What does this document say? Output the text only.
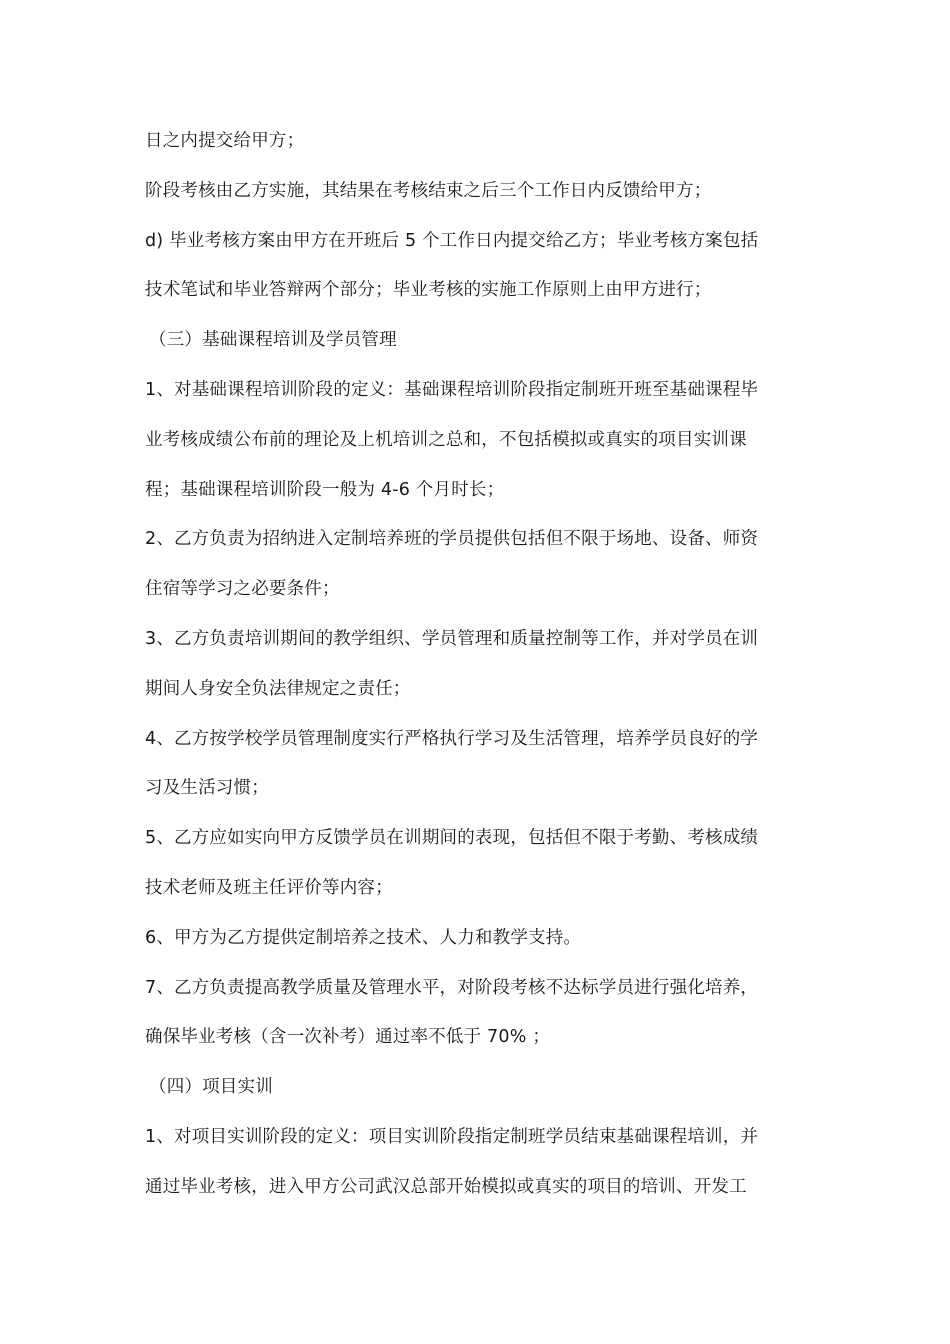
日之内提交给甲方；
阶段考核由乙方实施，其结果在考核结束之后三个工作日内反馈给甲方；
d) 毕业考核方案由甲方在开班后 5 个工作日内提交给乙方；毕业考核方案包括
技术笔试和毕业答辩两个部分；毕业考核的实施工作原则上由甲方进行；
（三）基础课程培训及学员管理
1、对基础课程培训阶段的定义：基础课程培训阶段指定制班开班至基础课程毕
业考核成绩公布前的理论及上机培训之总和，不包括模拟或真实的项目实训课
程；基础课程培训阶段一般为 4-6 个月时长；
2、乙方负责为招纳进入定制培养班的学员提供包括但不限于场地、设备、师资
住宿等学习之必要条件；
3、乙方负责培训期间的教学组织、学员管理和质量控制等工作，并对学员在训
期间人身安全负法律规定之责任；
4、乙方按学校学员管理制度实行严格执行学习及生活管理，培养学员良好的学
习及生活习惯；
5、乙方应如实向甲方反馈学员在训期间的表现，包括但不限于考勤、考核成绩
技术老师及班主任评价等内容；
6、甲方为乙方提供定制培养之技术、人力和教学支持。
7、乙方负责提高教学质量及管理水平，对阶段考核不达标学员进行强化培养，
确保毕业考核（含一次补考）通过率不低于 70% ；
（四）项目实训
1、对项目实训阶段的定义：项目实训阶段指定制班学员结束基础课程培训，并
通过毕业考核，进入甲方公司武汉总部开始模拟或真实的项目的培训、开发工
